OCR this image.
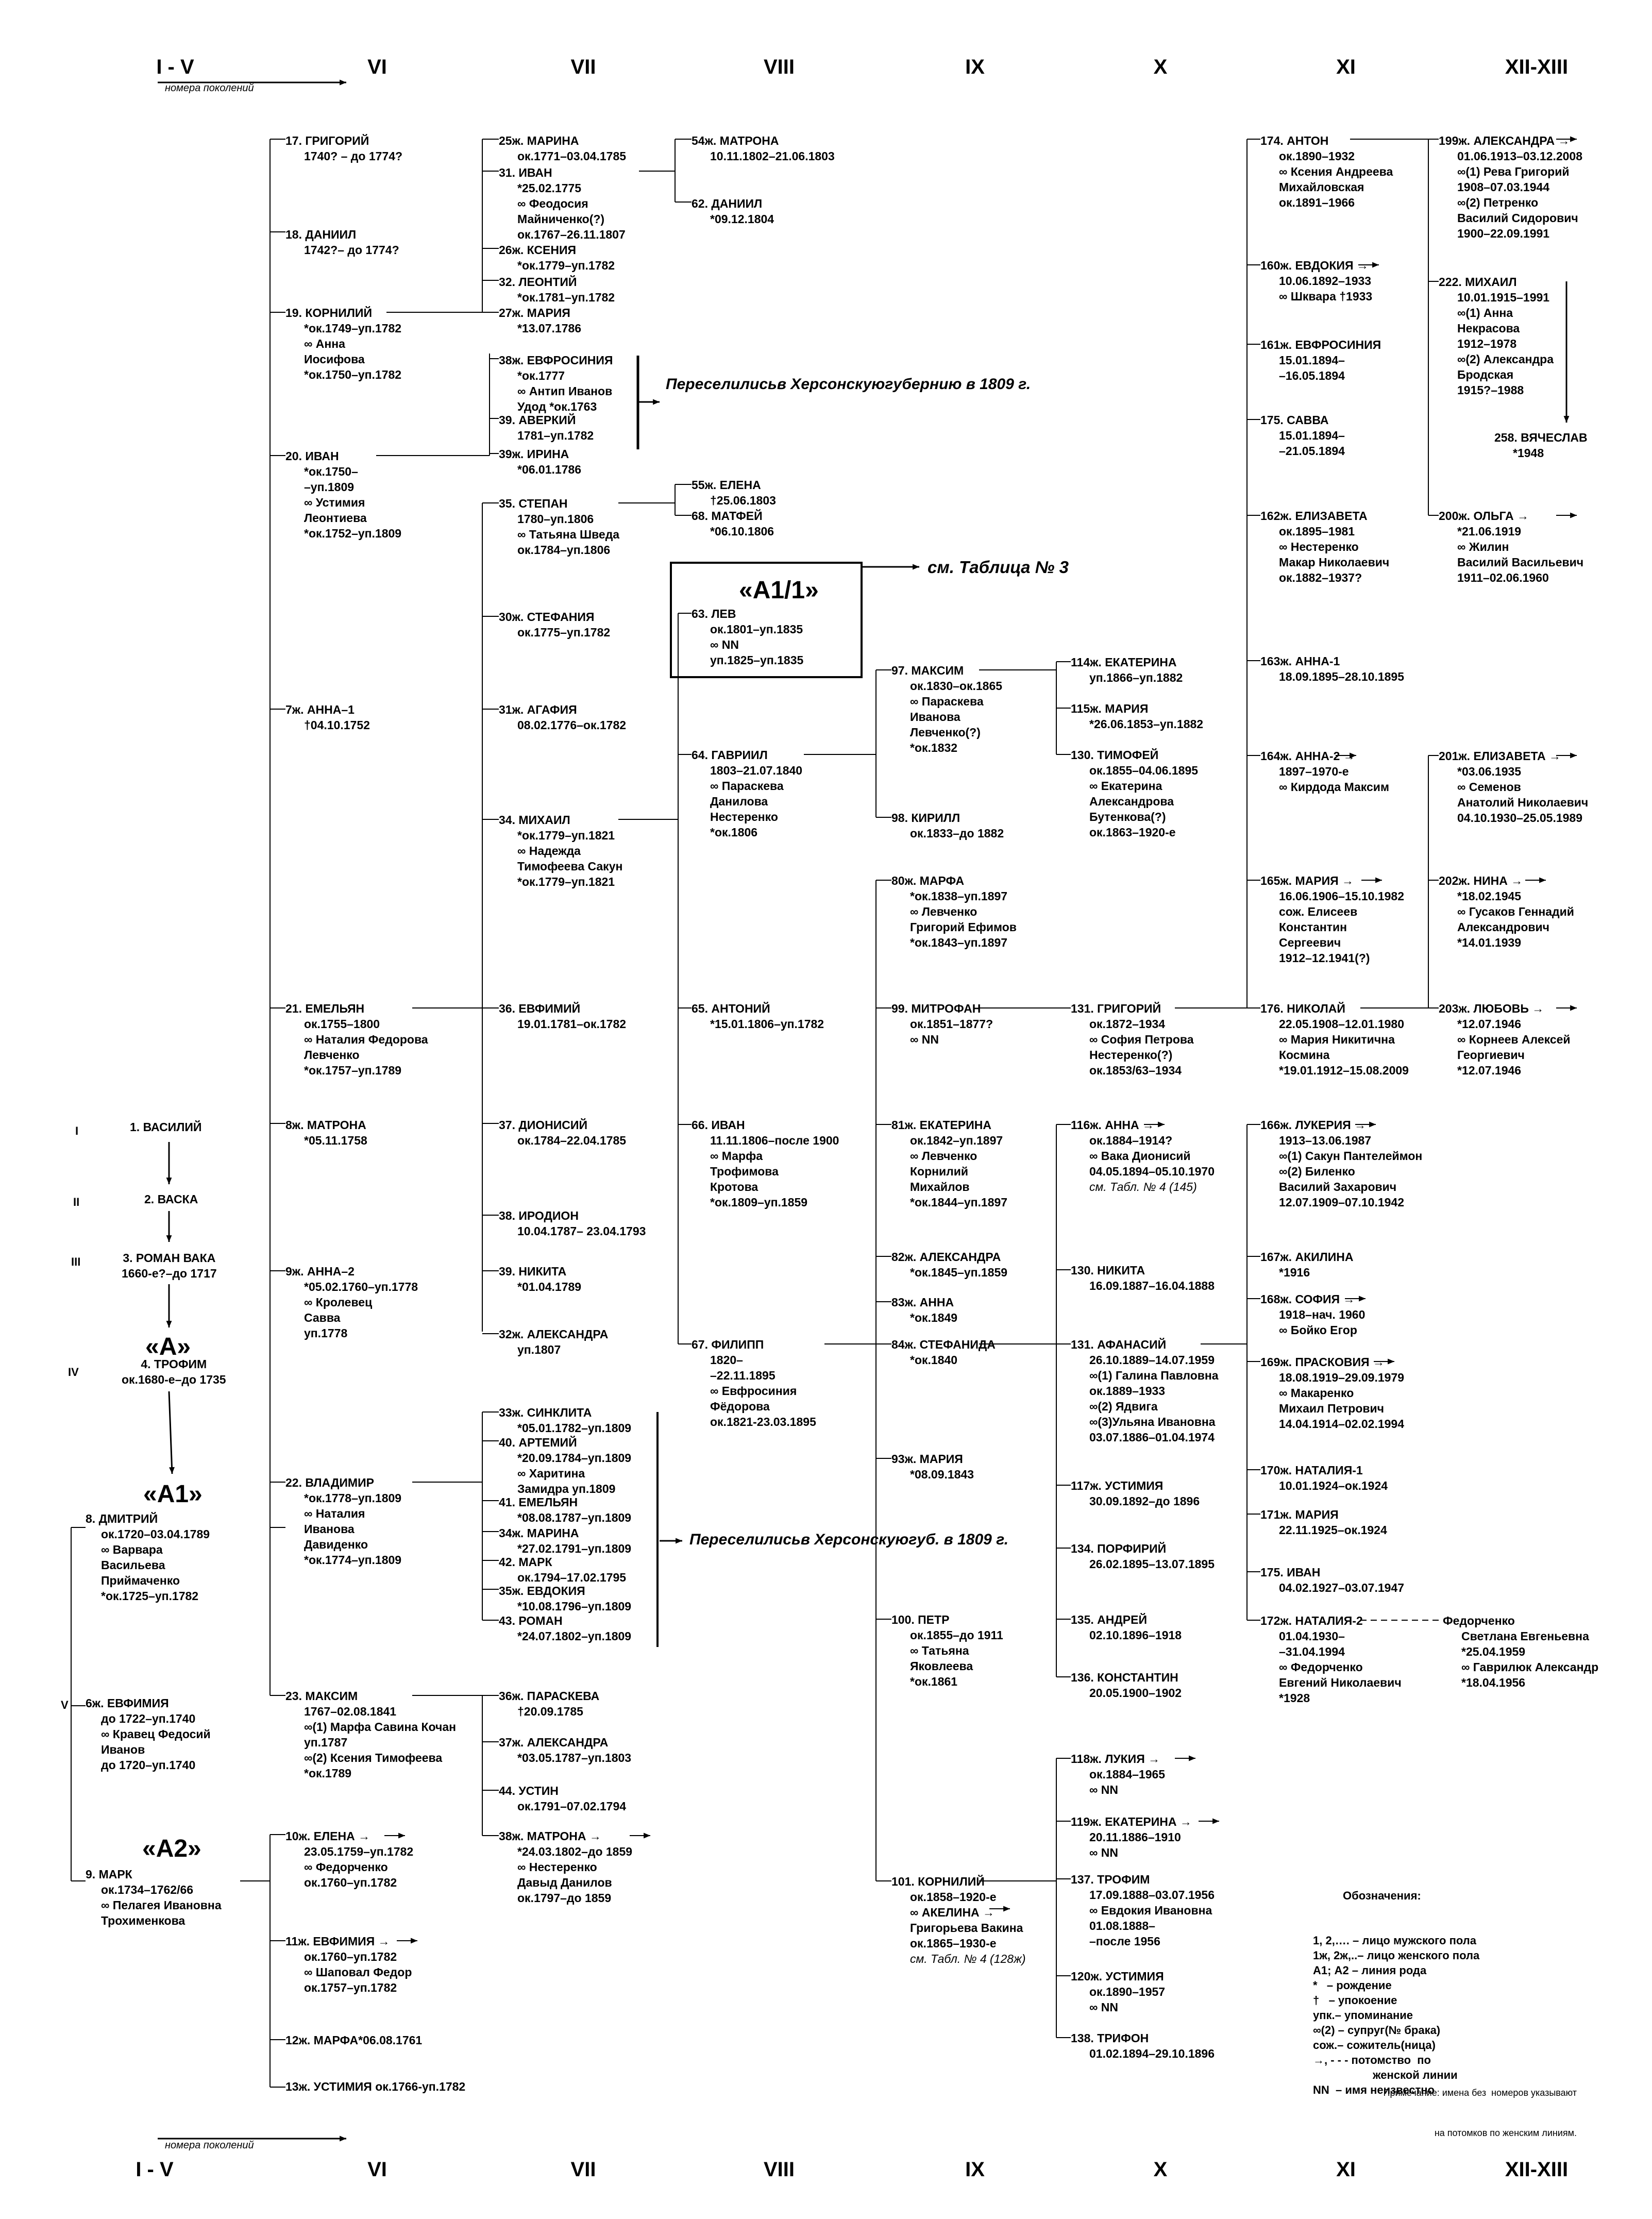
I - V
номера поколений
VI	VII	VIII	IX	X	XI	XII-XIII
номера поколений
I - V	VI	VII	VIII	IX	X	XI	XII-XIII
I
II
III
IV
V
«А»
«А1»
«А2»
«А1/1»
см. Таблица № 3
Переселилисьв Херсонскуюгубернию в 1809 г.
Переселилисьв Херсонскуюгуб. в 1809 г.
1. ВАСИЛИЙ
2. ВАСКА
3. РОМАН ВАКА
1660-е?–до 1717
4. ТРОФИМ
ок.1680-е–до 1735
8. ДМИТРИЙ
ок.1720–03.04.1789
∞ Варвара
Васильева
Приймаченко
*ок.1725–уп.1782
6ж. ЕВФИМИЯ
до 1722–уп.1740
∞ Кравец Федосий
Иванов
до 1720–уп.1740
9. МАРК
ок.1734–1762/66
∞ Пелагея Ивановна
Трохименкова
17. ГРИГОРИЙ
1740? – до 1774?
18. ДАНИИЛ
1742?– до 1774?
19. КОРНИЛИЙ
*ок.1749–уп.1782
∞ Анна
Иосифова
*ок.1750–уп.1782
20. ИВАН
*ок.1750–
–уп.1809
∞ Устимия
Леонтиева
*ок.1752–уп.1809
7ж. АННА–1
†04.10.1752
21. ЕМЕЛЬЯН
ок.1755–1800
∞ Наталия Федорова
Левченко
*ок.1757–уп.1789
8ж. МАТРОНА
*05.11.1758
9ж. АННА–2
*05.02.1760–уп.1778
∞ Кролевец
Савва
уп.1778
22. ВЛАДИМИР
*ок.1778–уп.1809
∞ Наталия
Иванова
Давиденко
*ок.1774–уп.1809
23. МАКСИМ
1767–02.08.1841
∞(1) Марфа Савина Кочан
уп.1787
∞(2) Ксения Тимофеева
*ок.1789
10ж. ЕЛЕНА →
23.05.1759–уп.1782
∞ Федорченко
ок.1760–уп.1782
11ж. ЕВФИМИЯ →
ок.1760–уп.1782
∞ Шаповал Федор
ок.1757–уп.1782
12ж. МАРФА*06.08.1761
13ж. УСТИМИЯ ок.1766-уп.1782
25ж. МАРИНА
ок.1771–03.04.1785
31. ИВАН
*25.02.1775
∞ Феодосия
Майниченко(?)
ок.1767–26.11.1807
26ж. КСЕНИЯ
*ок.1779–уп.1782
32. ЛЕОНТИЙ
*ок.1781–уп.1782
27ж. МАРИЯ
*13.07.1786
38ж. ЕВФРОСИНИЯ
*ок.1777
∞ Антип Иванов
Удод *ок.1763
39. АВЕРКИЙ
1781–уп.1782
39ж. ИРИНА
*06.01.1786
35. СТЕПАН
1780–уп.1806
∞ Татьяна Шведа
ок.1784–уп.1806
30ж. СТЕФАНИЯ
ок.1775–уп.1782
31ж. АГАФИЯ
08.02.1776–ок.1782
34. МИХАИЛ
*ок.1779–уп.1821
∞ Надежда
Тимофеева Сакун
*ок.1779–уп.1821
36. ЕВФИМИЙ
19.01.1781–ок.1782
37. ДИОНИСИЙ
ок.1784–22.04.1785
38. ИРОДИОН
10.04.1787– 23.04.1793
39. НИКИТА
*01.04.1789
32ж. АЛЕКСАНДРА
уп.1807
33ж. СИНКЛИТА
*05.01.1782–уп.1809
40. АРТЕМИЙ
*20.09.1784–уп.1809
∞ Харитина
Замидра уп.1809
41. ЕМЕЛЬЯН
*08.08.1787–уп.1809
34ж. МАРИНА
*27.02.1791–уп.1809
42. МАРК
ок.1794–17.02.1795
35ж. ЕВДОКИЯ
*10.08.1796–уп.1809
43. РОМАН
*24.07.1802–уп.1809
36ж. ПАРАСКЕВА
†20.09.1785
37ж. АЛЕКСАНДРА
*03.05.1787–уп.1803
44. УСТИН
ок.1791–07.02.1794
38ж. МАТРОНА →
*24.03.1802–до 1859
∞ Нестеренко
Давыд Данилов
ок.1797–до 1859
54ж. МАТРОНА
10.11.1802–21.06.1803
62. ДАНИИЛ
*09.12.1804
55ж. ЕЛЕНА
†25.06.1803
68. МАТФЕЙ
*06.10.1806
63. ЛЕВ
ок.1801–уп.1835
∞ NN
уп.1825–уп.1835
64. ГАВРИИЛ
1803–21.07.1840
∞ Параскева
Данилова
Нестеренко
*ок.1806
65. АНТОНИЙ
*15.01.1806–уп.1782
66. ИВАН
11.11.1806–после 1900
∞ Марфа
Трофимова
Кротова
*ок.1809–уп.1859
67. ФИЛИПП
1820–
–22.11.1895
∞ Евфросиния
Фёдорова
ок.1821-23.03.1895
97. МАКСИМ
ок.1830–ок.1865
∞ Параскева
Иванова
Левченко(?)
*ок.1832
98. КИРИЛЛ
ок.1833–до 1882
80ж. МАРФА
*ок.1838–уп.1897
∞ Левченко
Григорий Ефимов
*ок.1843–уп.1897
99. МИТРОФАН
ок.1851–1877?
∞ NN
81ж. ЕКАТЕРИНА
ок.1842–уп.1897
∞ Левченко
Корнилий
Михайлов
*ок.1844–уп.1897
82ж. АЛЕКСАНДРА
*ок.1845–уп.1859
83ж. АННА
*ок.1849
84ж. СТЕФАНИДА
*ок.1840
93ж. МАРИЯ
*08.09.1843
100. ПЕТР
ок.1855–до 1911
∞ Татьяна
Яковлеева
*ок.1861
101. КОРНИЛИЙ
ок.1858–1920-е
∞ АКЕЛИНА →
Григорьева Вакина
ок.1865–1930-е
см. Табл. № 4 (128ж)
114ж. ЕКАТЕРИНА
уп.1866–уп.1882
115ж. МАРИЯ
*26.06.1853–уп.1882
130. ТИМОФЕЙ
ок.1855–04.06.1895
∞ Екатерина
Александрова
Бутенкова(?)
ок.1863–1920-е
131. ГРИГОРИЙ
ок.1872–1934
∞ София Петрова
Нестеренко(?)
ок.1853/63–1934
116ж. АННА →
ок.1884–1914?
∞ Вака Дионисий
04.05.1894–05.10.1970
см. Табл. № 4 (145)
130. НИКИТА
16.09.1887–16.04.1888
131. АФАНАСИЙ
26.10.1889–14.07.1959
∞(1) Галина Павловна
ок.1889–1933
∞(2) Ядвига
∞(3)Ульяна Ивановна
03.07.1886–01.04.1974
117ж. УСТИМИЯ
30.09.1892–до 1896
134. ПОРФИРИЙ
26.02.1895–13.07.1895
135. АНДРЕЙ
02.10.1896–1918
136. КОНСТАНТИН
20.05.1900–1902
118ж. ЛУКИЯ →
ок.1884–1965
∞ NN
119ж. ЕКАТЕРИНА →
20.11.1886–1910
∞ NN
137. ТРОФИМ
17.09.1888–03.07.1956
∞ Евдокия Ивановна
01.08.1888–
–после 1956
120ж. УСТИМИЯ
ок.1890–1957
∞ NN
138. ТРИФОН
01.02.1894–29.10.1896
174. АНТОН
ок.1890–1932
∞ Ксения Андреева
Михайловская
ок.1891–1966
160ж. ЕВДОКИЯ →
10.06.1892–1933
∞ Шквара †1933
161ж. ЕВФРОСИНИЯ
15.01.1894–
–16.05.1894
175. САВВА
15.01.1894–
–21.05.1894
162ж. ЕЛИЗАВЕТА
ок.1895–1981
∞ Нестеренко
Макар Николаевич
ок.1882–1937?
163ж. АННА-1
18.09.1895–28.10.1895
164ж. АННА-2 →
1897–1970-е
∞ Кирдода Максим
165ж. МАРИЯ →
16.06.1906–15.10.1982
сож. Елисеев
Константин
Сергеевич
1912–12.1941(?)
176. НИКОЛАЙ
22.05.1908–12.01.1980
∞ Мария Никитична
Космина
*19.01.1912–15.08.2009
166ж. ЛУКЕРИЯ →
1913–13.06.1987
∞(1) Сакун Пантелеймон
∞(2) Биленко
Василий Захарович
12.07.1909–07.10.1942
167ж. АКИЛИНА
*1916
168ж. СОФИЯ →
1918–нач. 1960
∞ Бойко Егор
169ж. ПРАСКОВИЯ →
18.08.1919–29.09.1979
∞ Макаренко
Михаил Петрович
14.04.1914–02.02.1994
170ж. НАТАЛИЯ-1
10.01.1924–ок.1924
171ж. МАРИЯ
22.11.1925–ок.1924
175. ИВАН
04.02.1927–03.07.1947
172ж. НАТАЛИЯ-2
01.04.1930–
–31.04.1994
∞ Федорченко
Евгений Николаевич
*1928
199ж. АЛЕКСАНДРА →
01.06.1913–03.12.2008
∞(1) Рева Григорий
1908–07.03.1944
∞(2) Петренко
Василий Сидорович
1900–22.09.1991
222. МИХАИЛ
10.01.1915–1991
∞(1) Анна
Некрасова
1912–1978
∞(2) Александра
Бродская
1915?–1988
258. ВЯЧЕСЛАВ
*1948
200ж. ОЛЬГА →
*21.06.1919
∞ Жилин
Василий Васильевич
1911–02.06.1960
201ж. ЕЛИЗАВЕТА →
*03.06.1935
∞ Семенов
Анатолий Николаевич
04.10.1930–25.05.1989
202ж. НИНА →
*18.02.1945
∞ Гусаков Геннадий
Александрович
*14.01.1939
203ж. ЛЮБОВЬ →
*12.07.1946
∞ Корнеев Алексей
Георгиевич
*12.07.1946
Федорченко
Светлана Евгеньевна
*25.04.1959
∞ Гаврилюк Александр
*18.04.1956

Обозначения:

1, 2,…. – лицо мужского пола
1ж, 2ж,..– лицо женского пола
А1; А2 – линия рода
*   – рождение
†   – упокоение
упк.– упоминание
∞(2) – супруг(№ брака)
сож.– сожитель(ница)
→, - - - потомство  по
женской линии
NN  – имя неизвестно

Примечание: имена без  номеров указывают

на потомков по женским линиям.
